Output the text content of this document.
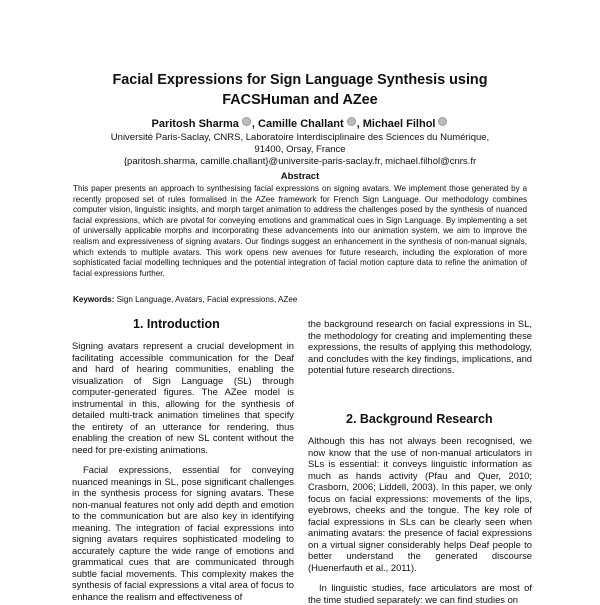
Facial Expressions for Sign Language Synthesis using
FACSHuman and AZee
Paritosh Sharma , Camille Challant , Michael Filhol
Université Paris-Saclay, CNRS, Laboratoire Interdisciplinaire des Sciences du Numérique,
91400, Orsay, France
{paritosh.sharma, camille.challant}@universite-paris-saclay.fr, michael.filhol@cnrs.fr
Abstract

This paper presents an approach to synthesising facial expressions on signing avatars. We implement those generated by a recently proposed set of rules formalised in the AZee framework for French Sign Language. Our methodology combines computer vision, linguistic insights, and morph target animation to address the challenges posed by the synthesis of nuanced facial expressions, which are pivotal for conveying emotions and grammatical cues in Sign Language. By implementing a set of universally applicable morphs and incorporating these advancements into our animation system, we aim to improve the realism and expressiveness of signing avatars. Our findings suggest an enhancement in the synthesis of non-manual signals, which extends to multiple avatars. This work opens new avenues for future research, including the exploration of more sophisticated facial modelling techniques and the potential integration of facial motion capture data to refine the animation of facial expressions further.

Keywords: Sign Language, Avatars, Facial expressions, AZee
1. Introduction

Signing avatars represent a crucial development in facilitating accessible communication for the Deaf and hard of hearing communities, enabling the visualization of Sign Language (SL) through computer-generated figures. The AZee model is instrumental in this, allowing for the synthesis of detailed multi-track animation timelines that specify the entirety of an utterance for rendering, thus enabling the creation of new SL content without the need for pre-existing animations.

Facial expressions, essential for conveying nuanced meanings in SL, pose significant challenges in the synthesis process for signing avatars. These non-manual features not only add depth and emotion to the communication but are also key in identifying meaning. The integration of facial expressions into signing avatars requires sophisticated modeling to accurately capture the wide range of emotions and grammatical cues that are communicated through subtle facial movements. This complexity makes the synthesis of facial expressions a vital area of focus to enhance the realism and effectiveness of

the background research on facial expressions in SL, the methodology for creating and implementing these expressions, the results of applying this methodology, and concludes with the key findings, implications, and potential future research directions.

2. Background Research

Although this has not always been recognised, we now know that the use of non-manual articulators in SLs is essential: it conveys linguistic information as much as hands activity (Pfau and Quer, 2010; Crasborn, 2006; Liddell, 2003). In this paper, we only focus on facial expressions: movements of the lips, eyebrows, cheeks and the tongue. The key role of facial expressions in SLs can be clearly seen when animating avatars: the presence of facial expressions on a virtual signer considerably helps Deaf people to better understand the generated discourse (Huenerfauth et al., 2011).

In linguistic studies, face articulators are most of the time studied separately: we can find studies on
